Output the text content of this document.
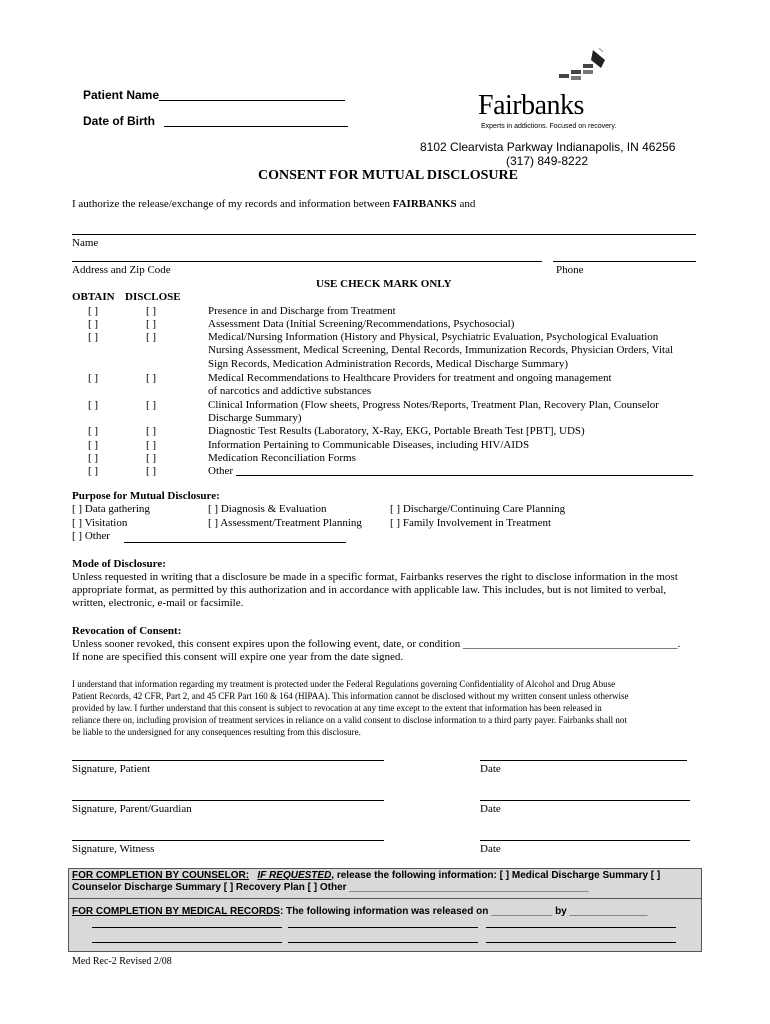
Patient Name
Date of Birth	Fairbanks
Experts in addictions. Focused on recovery.
8102 Clearvista Parkway Indianapolis, IN 46256
(317) 849-8222
CONSENT FOR MUTUAL DISCLOSURE
I authorize the release/exchange of my records and information between FAIRBANKS and
Name
Address and Zip Code	Phone
USE CHECK MARK ONLY
OBTAIN DISCLOSE
[ ]	[ ]	Presence in and Discharge from Treatment
[ ]	[ ]	Assessment Data (Initial Screening/Recommendations, Psychosocial)
[ ]	[ ]	Medical/Nursing Information (History and Physical, Psychiatric Evaluation, Psychological Evaluation
Nursing Assessment, Medical Screening, Dental Records, Immunization Records, Physician Orders, Vital
Sign Records, Medication Administration Records, Medical Discharge Summary)
[ ]	[ ]	Medical Recommendations to Healthcare Providers for treatment and ongoing management
of narcotics and addictive substances
[ ]	[ ]	Clinical Information (Flow sheets, Progress Notes/Reports, Treatment Plan, Recovery Plan, Counselor
Discharge Summary)
[ ]	[ ]	Diagnostic Test Results (Laboratory, X-Ray, EKG, Portable Breath Test [PBT], UDS)
[ ]	[ ]	Information Pertaining to Communicable Diseases, including HIV/AIDS
[ ]	[ ]	Medication Reconciliation Forms
[ ]	[ ]	Other
Purpose for Mutual Disclosure:
[ ] Data gathering	[ ] Diagnosis & Evaluation	[ ] Discharge/Continuing Care Planning
[ ] Visitation	[ ] Assessment/Treatment Planning	[ ] Family Involvement in Treatment
[ ] Other
Mode of Disclosure:
Unless requested in writing that a disclosure be made in a specific format, Fairbanks reserves the right to disclose information in the most
appropriate format, as permitted by this authorization and in accordance with applicable law. This includes, but is not limited to verbal,
written, electronic, e-mail or facsimile.
Revocation of Consent:
Unless sooner revoked, this consent expires upon the following event, date, or condition _______________________________________.
If none are specified this consent will expire one year from the date signed.
I understand that information regarding my treatment is protected under the Federal Regulations governing Confidentiality of Alcohol and Drug Abuse
Patient Records, 42 CFR, Part 2, and 45 CFR Part 160 & 164 (HIPAA). This information cannot be disclosed without my written consent unless otherwise
provided by law. I further understand that this consent is subject to revocation at any time except to the extent that information has been released in
reliance there on, including provision of treatment services in reliance on a valid consent to disclose information to a third party payer. Fairbanks shall not
be liable to the undersigned for any consequences resulting from this disclosure.
Signature, Patient	Date
Signature, Parent/Guardian	Date
Signature, Witness	Date
FOR COMPLETION BY COUNSELOR: IF REQUESTED, release the following information: [ ] Medical Discharge Summary [ ]
Counselor Discharge Summary [ ] Recovery Plan [ ] Other ___________________________________________
FOR COMPLETION BY MEDICAL RECORDS: The following information was released on ___________ by ______________
Med Rec-2 Revised 2/08
